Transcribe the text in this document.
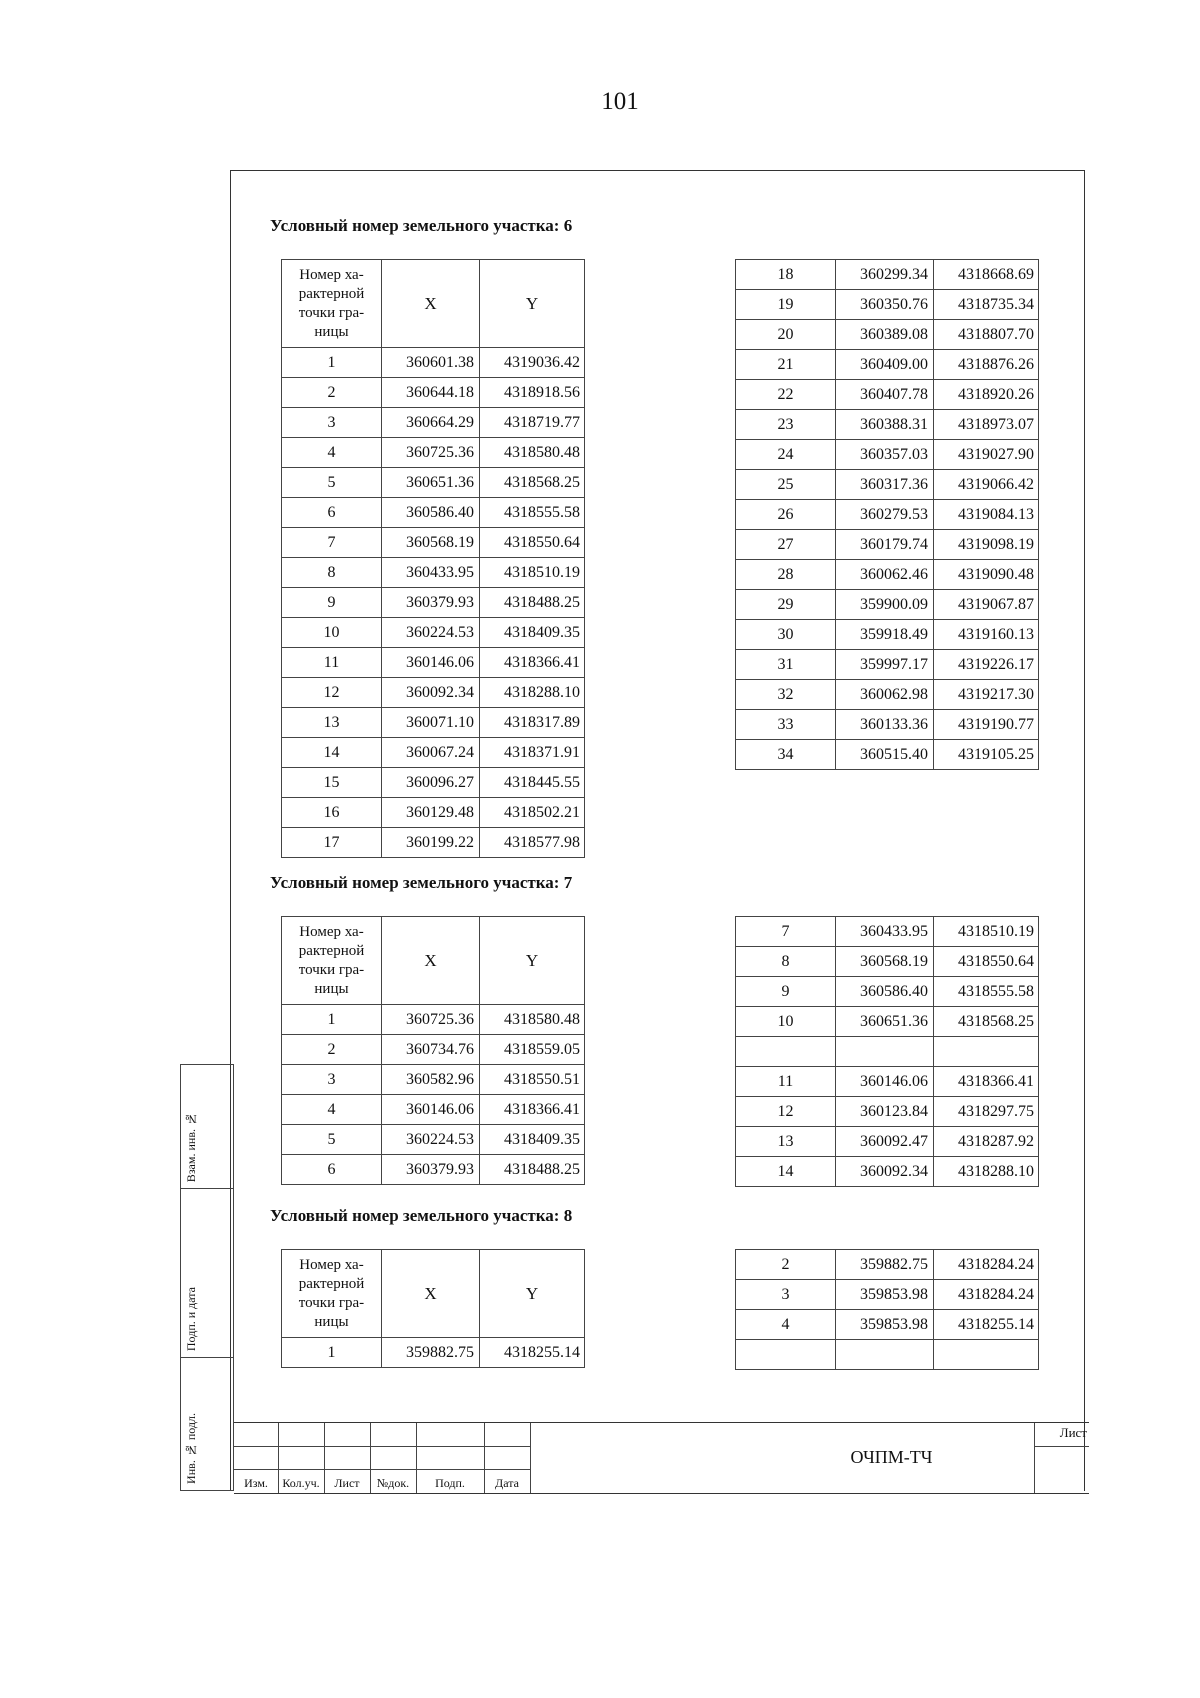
101
Условный номер земельного участка: 6
Условный номер земельного участка: 7
Условный номер земельного участка: 8
Номер ха-рактерной точки гра-ницы	X	Y
1	360601.38	4319036.42
2	360644.18	4318918.56
3	360664.29	4318719.77
4	360725.36	4318580.48
5	360651.36	4318568.25
6	360586.40	4318555.58
7	360568.19	4318550.64
8	360433.95	4318510.19
9	360379.93	4318488.25
10	360224.53	4318409.35
11	360146.06	4318366.41
12	360092.34	4318288.10
13	360071.10	4318317.89
14	360067.24	4318371.91
15	360096.27	4318445.55
16	360129.48	4318502.21
17	360199.22	4318577.98
18	360299.34	4318668.69
19	360350.76	4318735.34
20	360389.08	4318807.70
21	360409.00	4318876.26
22	360407.78	4318920.26
23	360388.31	4318973.07
24	360357.03	4319027.90
25	360317.36	4319066.42
26	360279.53	4319084.13
27	360179.74	4319098.19
28	360062.46	4319090.48
29	359900.09	4319067.87
30	359918.49	4319160.13
31	359997.17	4319226.17
32	360062.98	4319217.30
33	360133.36	4319190.77
34	360515.40	4319105.25
Номер ха-рактерной точки гра-ницы	X	Y
1	360725.36	4318580.48
2	360734.76	4318559.05
3	360582.96	4318550.51
4	360146.06	4318366.41
5	360224.53	4318409.35
6	360379.93	4318488.25
7	360433.95	4318510.19
8	360568.19	4318550.64
9	360586.40	4318555.58
10	360651.36	4318568.25

11	360146.06	4318366.41
12	360123.84	4318297.75
13	360092.47	4318287.92
14	360092.34	4318288.10
Номер ха-рактерной точки гра-ницы	X	Y
1	359882.75	4318255.14
2	359882.75	4318284.24
3	359853.98	4318284.24
4	359853.98	4318255.14

Взам. инв. №
Подп. и дата
Инв. № подл.	Изм.	Кол.уч.	Лист	№док.	Подп.	Дата
ОЧПМ-ТЧ
Лист
